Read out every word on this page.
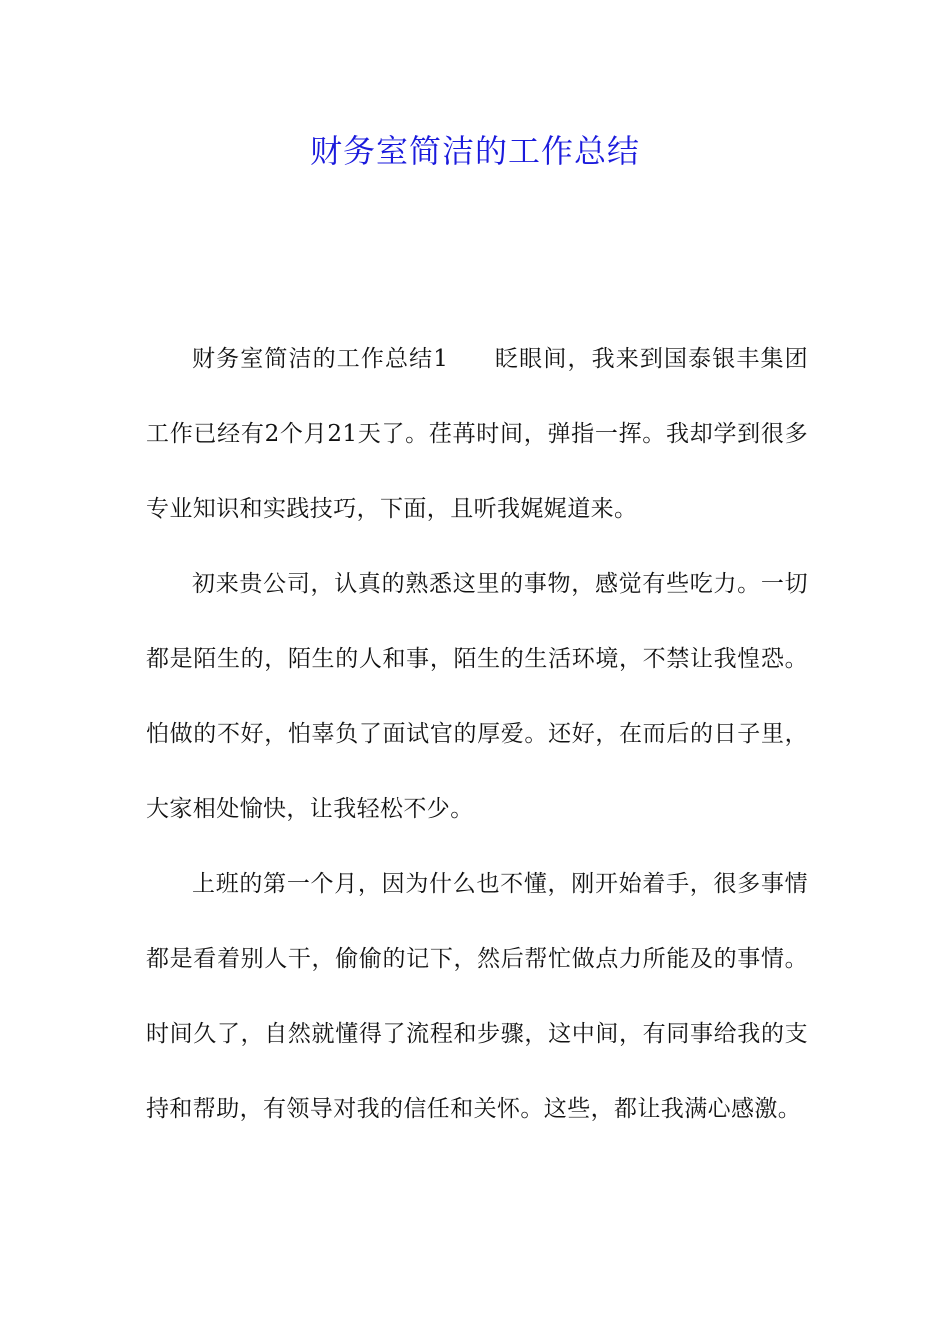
财务室简洁的工作总结

财务室简洁的工作总结1 眨眼间，我来到国泰银丰集团工作已经有2个月21天了。荏苒时间，弹指一挥。我却学到很多专业知识和实践技巧，下面，且听我娓娓道来。

初来贵公司，认真的熟悉这里的事物，感觉有些吃力。一切都是陌生的，陌生的人和事，陌生的生活环境，不禁让我惶恐。怕做的不好，怕辜负了面试官的厚爱。还好，在而后的日子里，大家相处愉快，让我轻松不少。

上班的第一个月，因为什么也不懂，刚开始着手，很多事情都是看着别人干，偷偷的记下，然后帮忙做点力所能及的事情。时间久了，自然就懂得了流程和步骤，这中间，有同事给我的支持和帮助，有领导对我的信任和关怀。这些，都让我满心感激。
